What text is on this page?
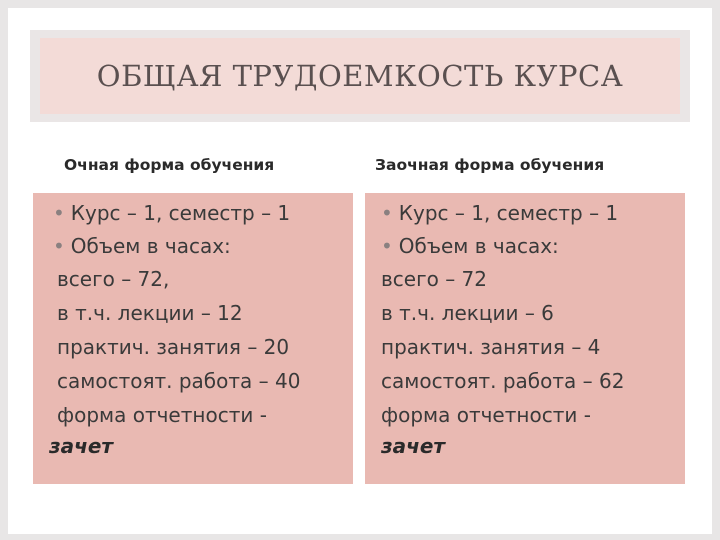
ОБЩАЯ ТРУДОЕМКОСТЬ КУРСА
Очная форма обучения	Заочная форма обучения
• Курс – 1, семестр – 1
• Объем в часах:
всего – 72,
в т.ч. лекции – 12
практич. занятия – 20
самостоят. работа – 40
форма отчетности -
зачет
• Курс – 1, семестр – 1
• Объем в часах:
всего – 72
в т.ч. лекции – 6
практич. занятия – 4
самостоят. работа – 62
форма отчетности -
зачет
